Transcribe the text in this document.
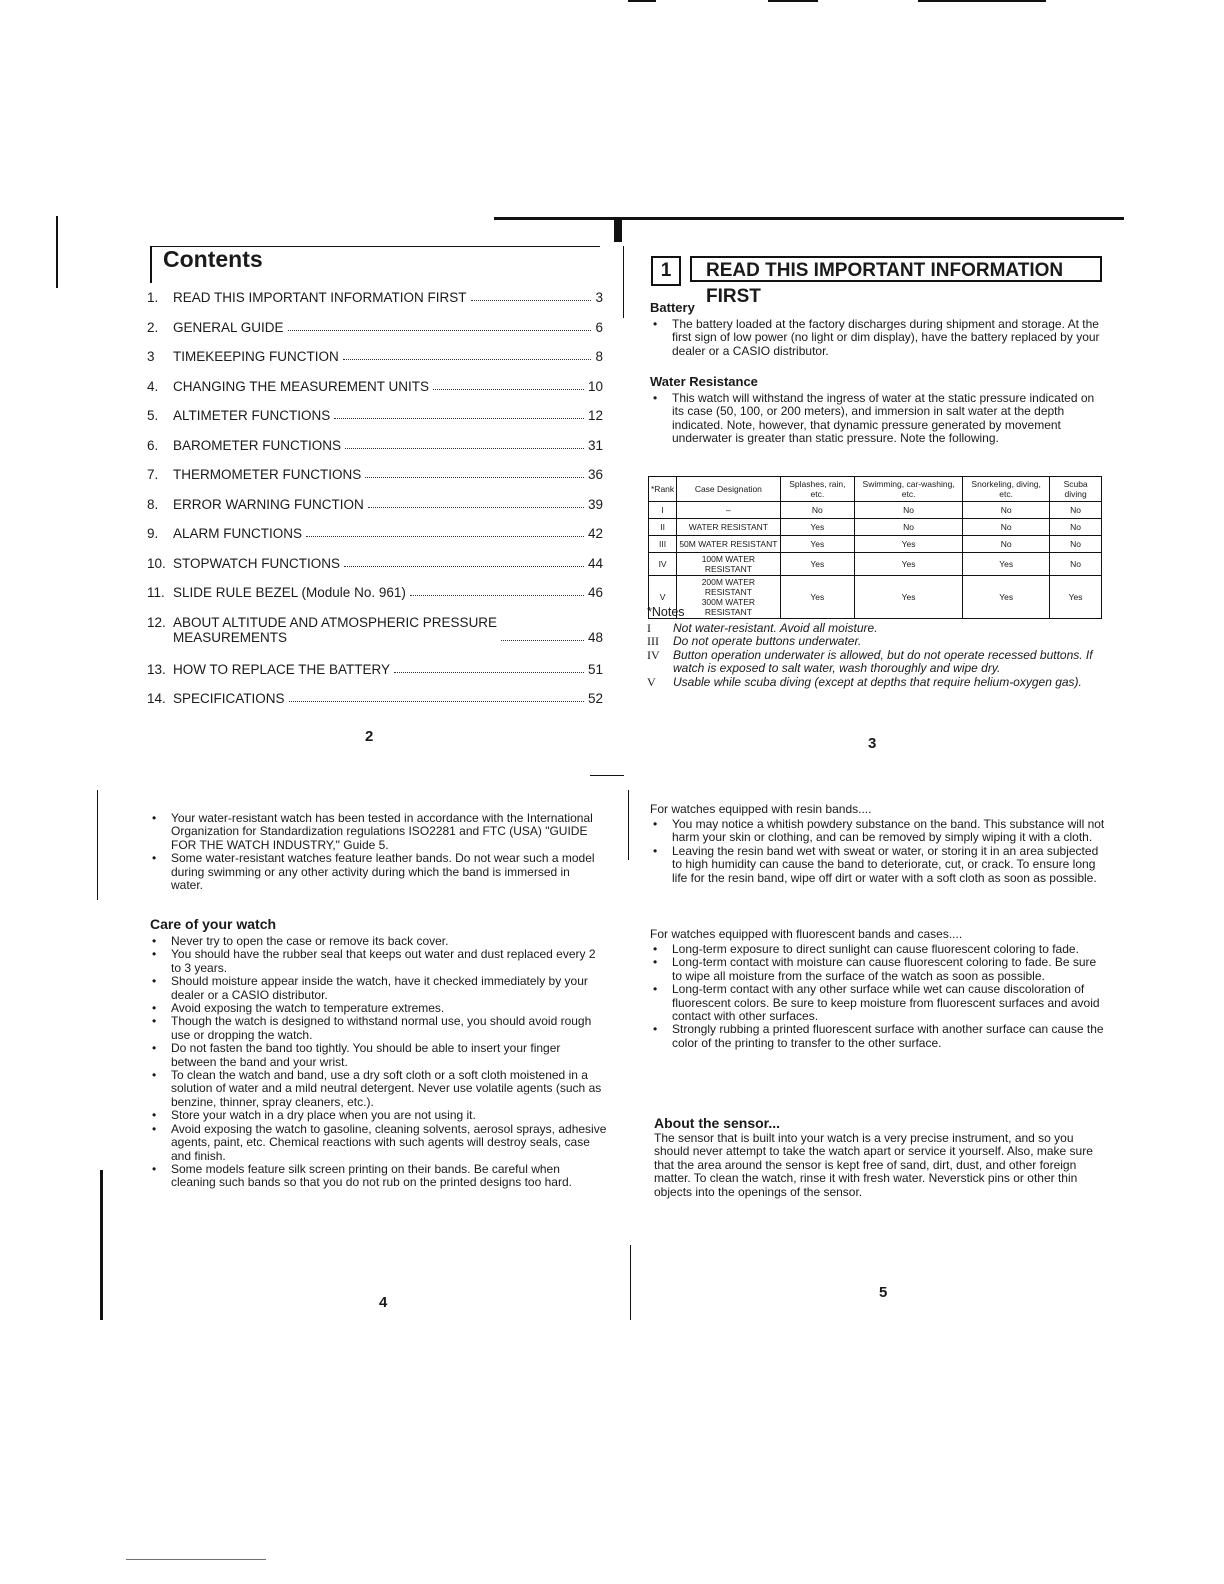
Contents
1.	READ THIS IMPORTANT INFORMATION FIRST	3
2.	GENERAL GUIDE	6
3	TIMEKEEPING FUNCTION	8
4.	CHANGING THE MEASUREMENT UNITS	10
5.	ALTIMETER FUNCTIONS	12
6.	BAROMETER FUNCTIONS	31
7.	THERMOMETER FUNCTIONS	36
8.	ERROR WARNING FUNCTION	39
9.	ALARM FUNCTIONS	42
10. STOPWATCH FUNCTIONS	44
11. SLIDE RULE BEZEL (Module No. 961)	46
12. ABOUT ALTITUDE AND ATMOSPHERIC PRESSURE
MEASUREMENTS	48
13. HOW TO REPLACE THE BATTERY	51
14. SPECIFICATIONS	52
2
1	READ THIS IMPORTANT INFORMATION FIRST
Battery

• The battery loaded at the factory discharges during shipment and storage. At the first sign of low power (no light or dim display), have the battery replaced by your dealer or a CASIO distributor.

Water Resistance

• This watch will withstand the ingress of water at the static pressure indicated on its case (50, 100, or 200 meters), and immersion in salt water at the depth indicated. Note, however, that dynamic pressure generated by movement underwater is greater than static pressure. Note the following.

*Rank	Case Designation	Splashes, rain, etc.	Swimming, car-washing, etc.	Snorkeling, diving, etc.	Scuba diving
I	–	No	No	No	No
II	WATER RESISTANT	Yes	No	No	No
III	50M WATER RESISTANT	Yes	Yes	No	No
IV	100M WATER RESISTANT	Yes	Yes	Yes	No
V	200M WATER RESISTANT
300M WATER RESISTANT	Yes	Yes	Yes	Yes
*Notes
I Not water-resistant. Avoid all moisture.
III Do not operate buttons underwater.
IV Button operation underwater is allowed, but do not operate recessed buttons. If watch is exposed to salt water, wash thoroughly and wipe dry.
V Usable while scuba diving (except at depths that require helium-oxygen gas).
3

• Your water-resistant watch has been tested in accordance with the International Organization for Standardization regulations ISO2281 and FTC (USA) "GUIDE FOR THE WATCH INDUSTRY," Guide 5.

• Some water-resistant watches feature leather bands. Do not wear such a model during swimming or any other activity during which the band is immersed in water.

Care of your watch

• Never try to open the case or remove its back cover.

• You should have the rubber seal that keeps out water and dust replaced every 2 to 3 years.

• Should moisture appear inside the watch, have it checked immediately by your dealer or a CASIO distributor.

• Avoid exposing the watch to temperature extremes.

• Though the watch is designed to withstand normal use, you should avoid rough use or dropping the watch.

• Do not fasten the band too tightly. You should be able to insert your finger between the band and your wrist.

• To clean the watch and band, use a dry soft cloth or a soft cloth moistened in a solution of water and a mild neutral detergent. Never use volatile agents (such as benzine, thinner, spray cleaners, etc.).

• Store your watch in a dry place when you are not using it.

• Avoid exposing the watch to gasoline, cleaning solvents, aerosol sprays, adhesive agents, paint, etc. Chemical reactions with such agents will destroy seals, case and finish.

• Some models feature silk screen printing on their bands. Be careful when cleaning such bands so that you do not rub on the printed designs too hard.

4
For watches equipped with resin bands....

• You may notice a whitish powdery substance on the band. This substance will not harm your skin or clothing, and can be removed by simply wiping it with a cloth.

• Leaving the resin band wet with sweat or water, or storing it in an area subjected to high humidity can cause the band to deteriorate, cut, or crack. To ensure long life for the resin band, wipe off dirt or water with a soft cloth as soon as possible.

For watches equipped with fluorescent bands and cases....

• Long-term exposure to direct sunlight can cause fluorescent coloring to fade.

• Long-term contact with moisture can cause fluorescent coloring to fade. Be sure to wipe all moisture from the surface of the watch as soon as possible.

• Long-term contact with any other surface while wet can cause discoloration of fluorescent colors. Be sure to keep moisture from fluorescent surfaces and avoid contact with other surfaces.

• Strongly rubbing a printed fluorescent surface with another surface can cause the color of the printing to transfer to the other surface.

About the sensor...
The sensor that is built into your watch is a very precise instrument, and so you should never attempt to take the watch apart or service it yourself. Also, make sure that the area around the sensor is kept free of sand, dirt, dust, and other foreign matter. To clean the watch, rinse it with fresh water. Neverstick pins or other thin objects into the openings of the sensor.
5
